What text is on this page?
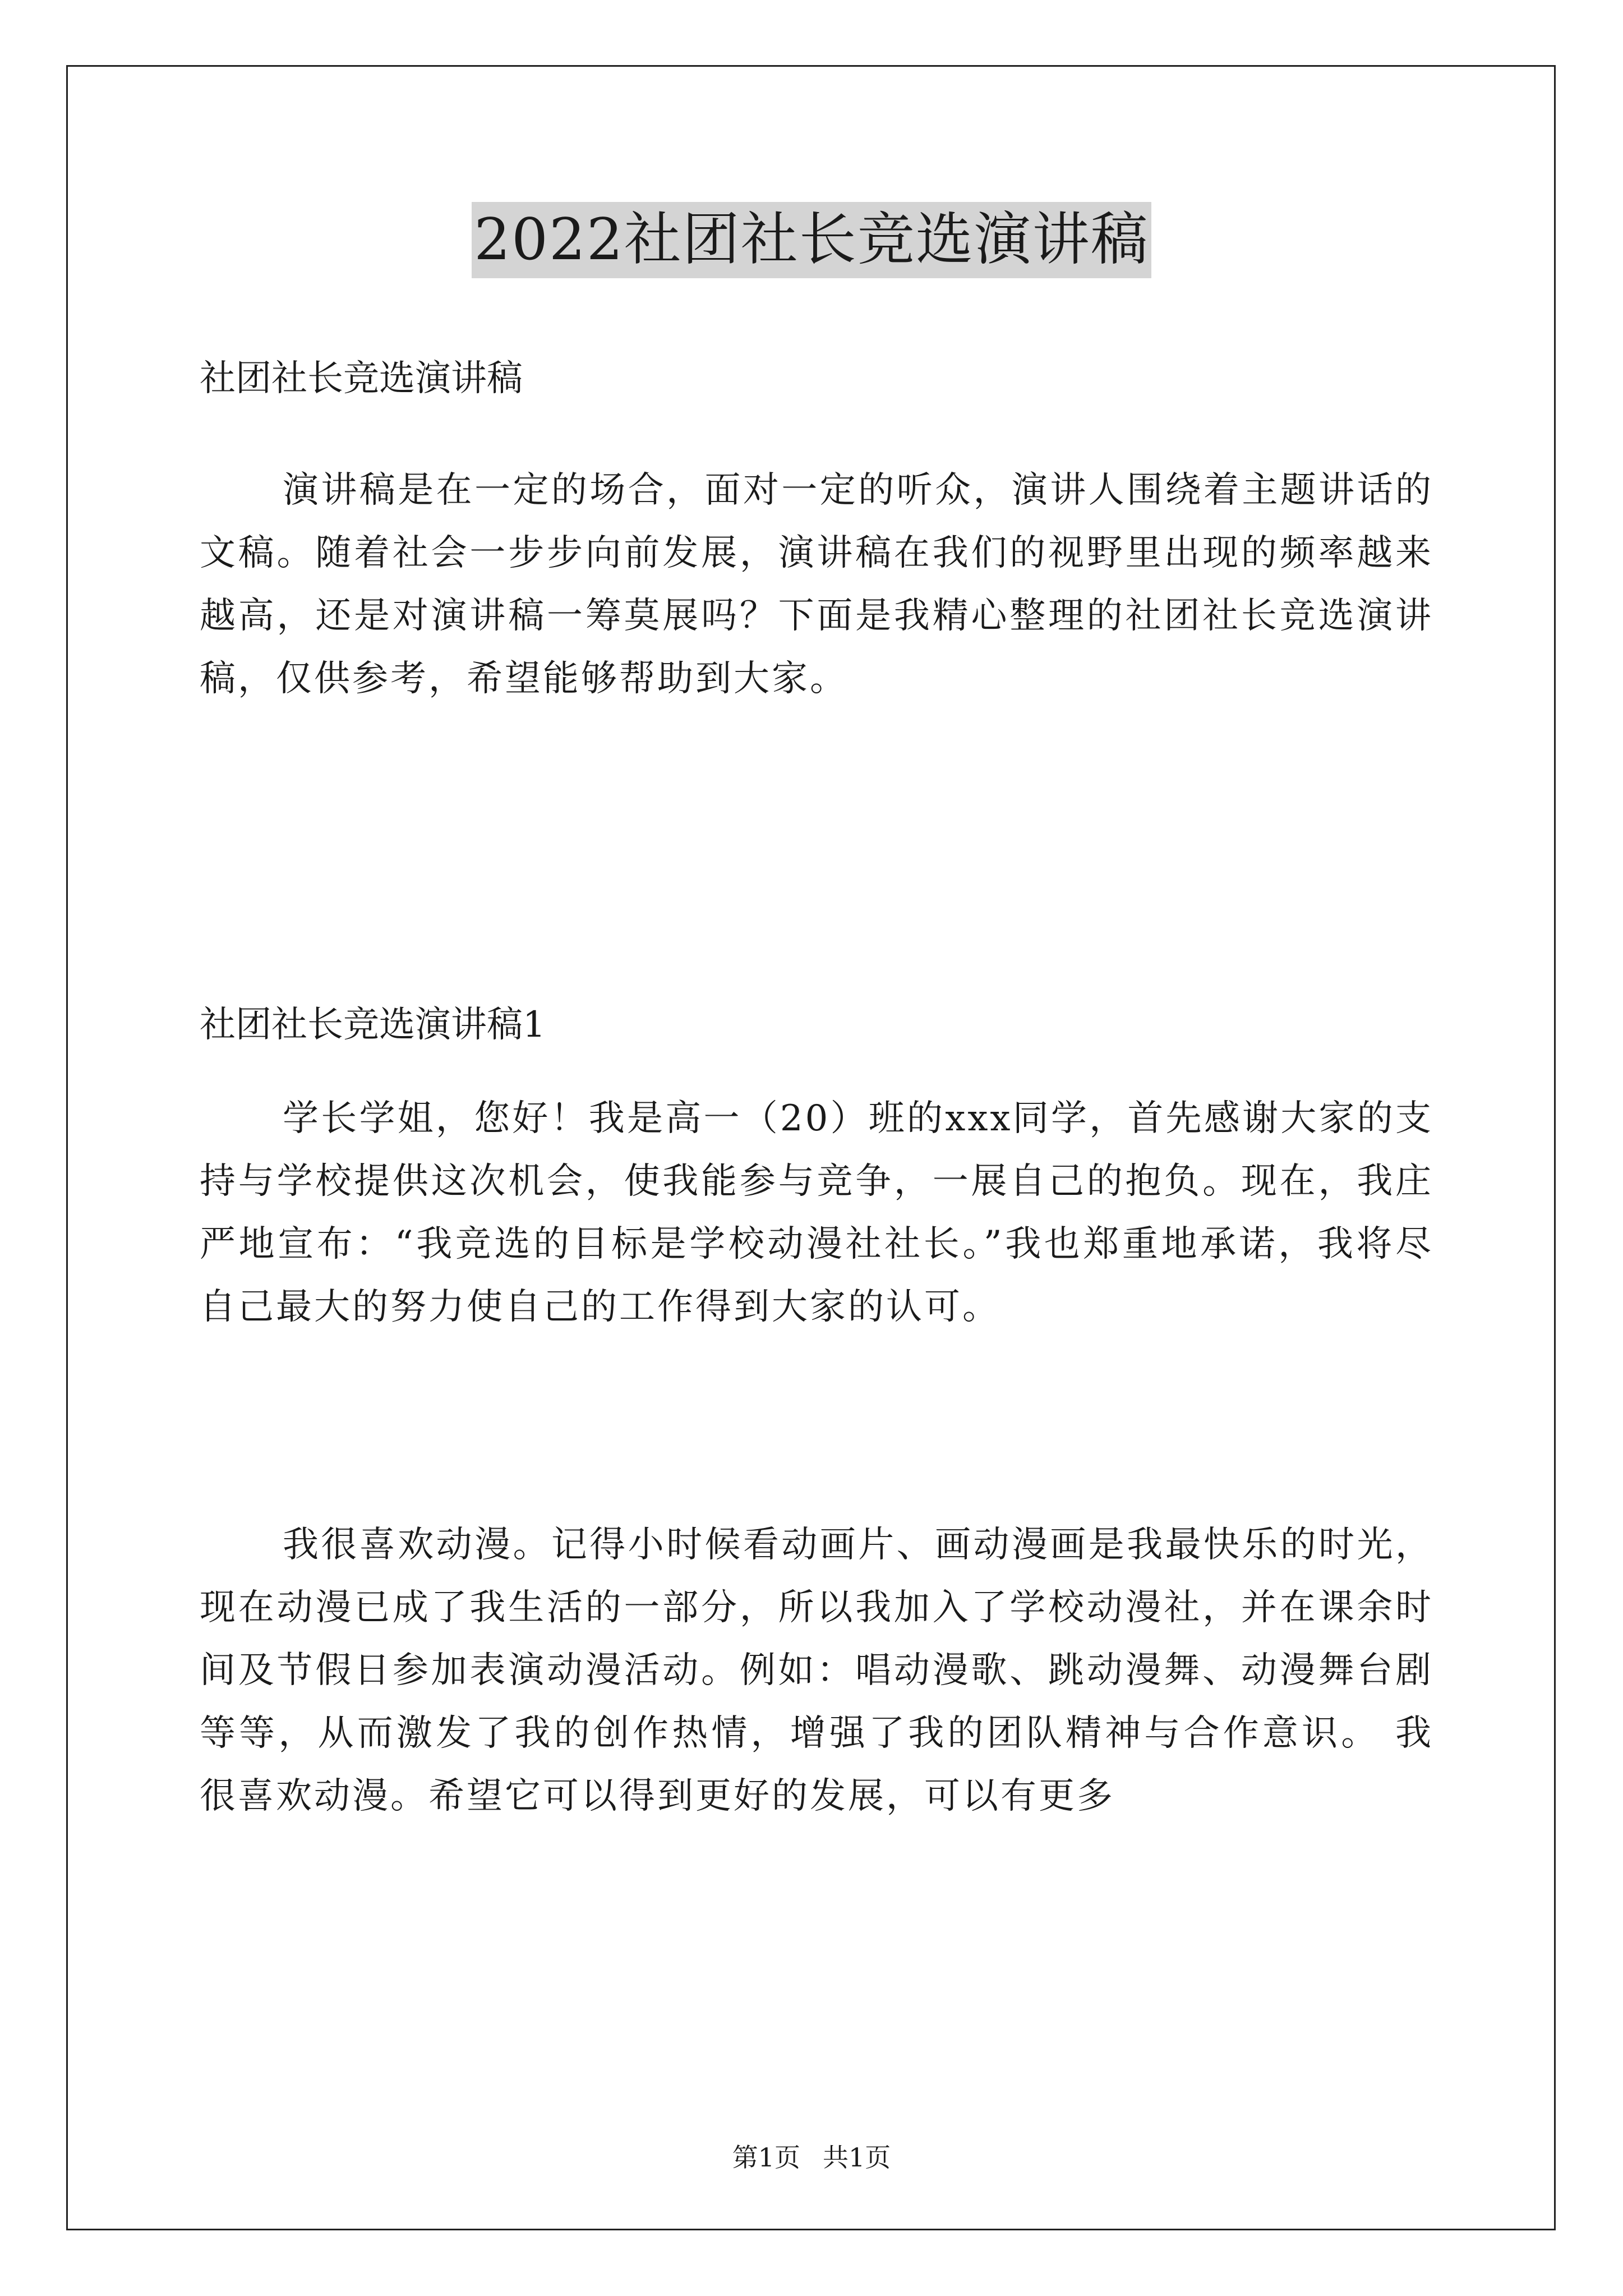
2022社团社长竞选演讲稿

社团社长竞选演讲稿

演讲稿是在一定的场合，面对一定的听众，演讲人围绕着主题讲话的文稿。随着社会一步步向前发展，演讲稿在我们的视野里出现的频率越来越高，还是对演讲稿一筹莫展吗？下面是我精心整理的社团社长竞选演讲稿，仅供参考，希望能够帮助到大家。

社团社长竞选演讲稿1

学长学姐，您好！我是高一（20）班的xxx同学，首先感谢大家的支持与学校提供这次机会，使我能参与竞争，一展自己的抱负。现在，我庄严地宣布：“我竞选的目标是学校动漫社社长。”我也郑重地承诺，我将尽自己最大的努力使自己的工作得到大家的认可。

我很喜欢动漫。记得小时候看动画片、画动漫画是我最快乐的时光，现在动漫已成了我生活的一部分，所以我加入了学校动漫社，并在课余时间及节假日参加表演动漫活动。例如：唱动漫歌、跳动漫舞、动漫舞台剧等等，从而激发了我的创作热情，增强了我的团队精神与合作意识。 我很喜欢动漫。希望它可以得到更好的发展，可以有更多

第1页 共1页
